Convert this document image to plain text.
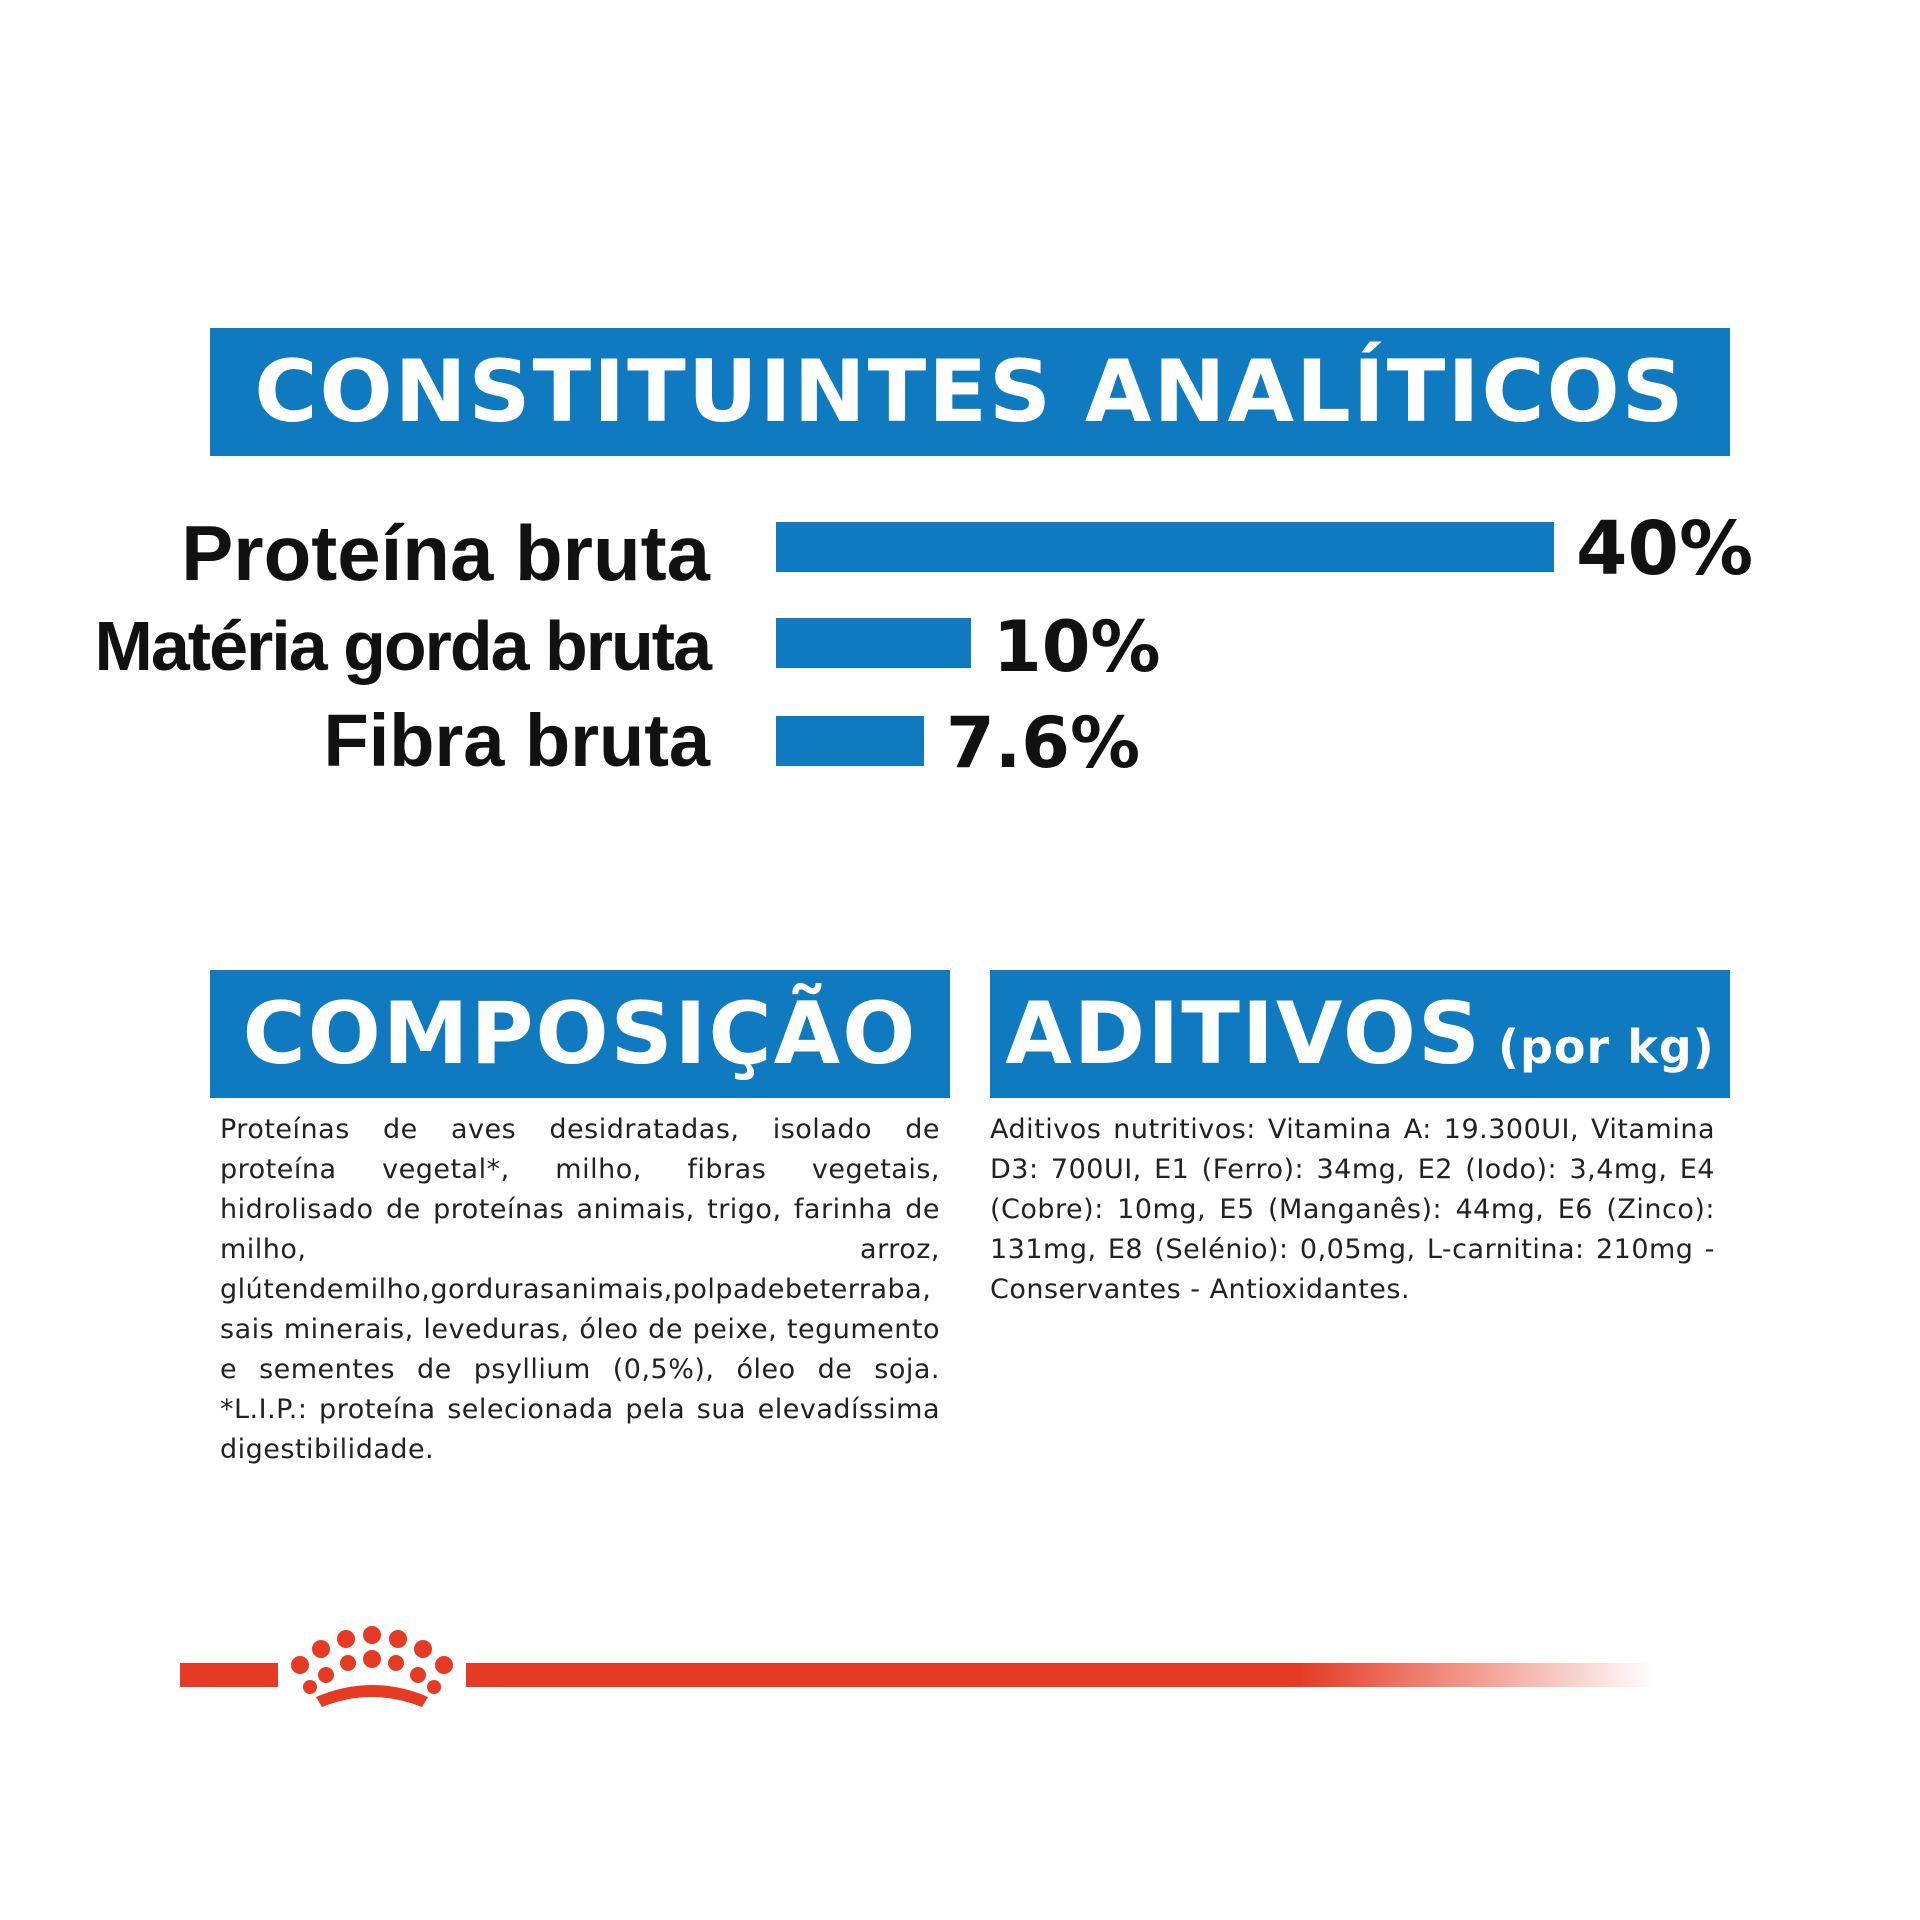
CONSTITUINTES ANALÍTICOS
Proteína bruta	40%
Matéria gorda bruta	10%
Fibra bruta	7.6%
COMPOSIÇÃO ADITIVOS (por kg)
Proteínas de aves desidratadas, isolado de proteína vegetal*, milho, fibras vegetais, hidrolisado de proteínas animais, trigo, farinha de milho, arroz, glútendemilho,gordurasanimais,polpadebeterraba, sais minerais, leveduras, óleo de peixe, tegumento e sementes de psyllium (0,5%), óleo de soja. *L.I.P.: proteína selecionada pela sua elevadíssima digestibilidade.
Aditivos nutritivos: Vitamina A: 19.300UI, Vitamina D3: 700UI, E1 (Ferro): 34mg, E2 (Iodo): 3,4mg, E4 (Cobre): 10mg, E5 (Manganês): 44mg, E6 (Zinco): 131mg, E8 (Selénio): 0,05mg, L-carnitina: 210mg - Conservantes - Antioxidantes.
